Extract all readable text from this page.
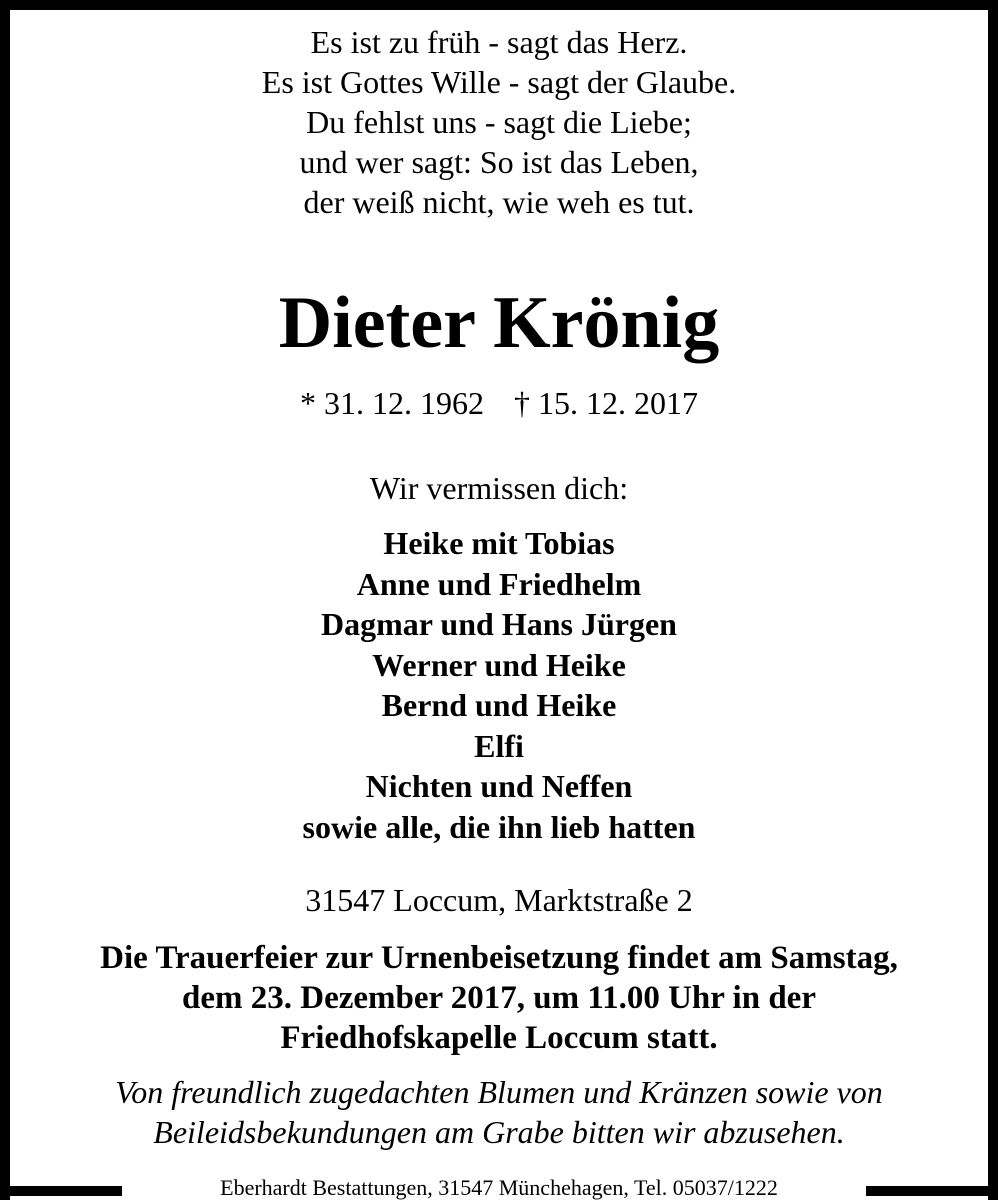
Es ist zu früh - sagt das Herz.
Es ist Gottes Wille - sagt der Glaube.
Du fehlst uns - sagt die Liebe;
und wer sagt: So ist das Leben,
der weiß nicht, wie weh es tut.
Dieter Krönig
* 31. 12. 1962 † 15. 12. 2017
Wir vermissen dich:
Heike mit Tobias
Anne und Friedhelm
Dagmar und Hans Jürgen
Werner und Heike
Bernd und Heike
Elfi
Nichten und Neffen
sowie alle, die ihn lieb hatten
31547 Loccum, Marktstraße 2
Die Trauerfeier zur Urnenbeisetzung findet am Samstag,
dem 23. Dezember 2017, um 11.00 Uhr in der
Friedhofskapelle Loccum statt.
Von freundlich zugedachten Blumen und Kränzen sowie von
Beileidsbekundungen am Grabe bitten wir abzusehen.
Eberhardt Bestattungen, 31547 Münchehagen, Tel. 05037/1222
